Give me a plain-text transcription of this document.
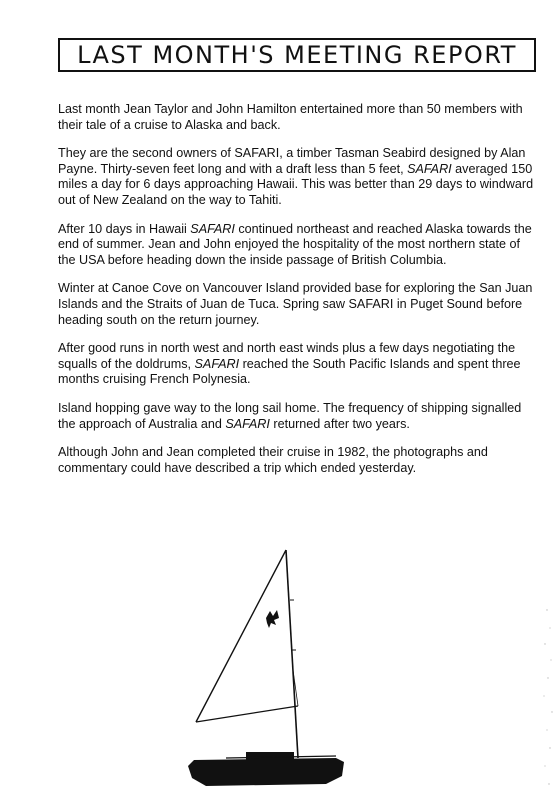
LAST MONTH'S MEETING REPORT

Last month Jean Taylor and John Hamilton entertained more than 50 members with their tale of a cruise to Alaska and back.

They are the second owners of SAFARI, a timber Tasman Seabird designed by Alan Payne. Thirty-seven feet long and with a draft less than 5 feet, SAFARI averaged 150 miles a day for 6 days approaching Hawaii. This was better than 29 days to windward out of New Zealand on the way to Tahiti.

After 10 days in Hawaii SAFARI continued northeast and reached Alaska towards the end of summer. Jean and John enjoyed the hospitality of the most northern state of the USA before heading down the inside passage of British Columbia.

Winter at Canoe Cove on Vancouver Island provided base for exploring the San Juan Islands and the Straits of Juan de Tuca. Spring saw SAFARI in Puget Sound before heading south on the return journey.

After good runs in north west and north east winds plus a few days negotiating the squalls of the doldrums, SAFARI reached the South Pacific Islands and spent three months cruising French Polynesia.

Island hopping gave way to the long sail home. The frequency of shipping signalled the approach of Australia and SAFARI returned after two years.

Although John and Jean completed their cruise in 1982, the photographs and commentary could have described a trip which ended yesterday.
